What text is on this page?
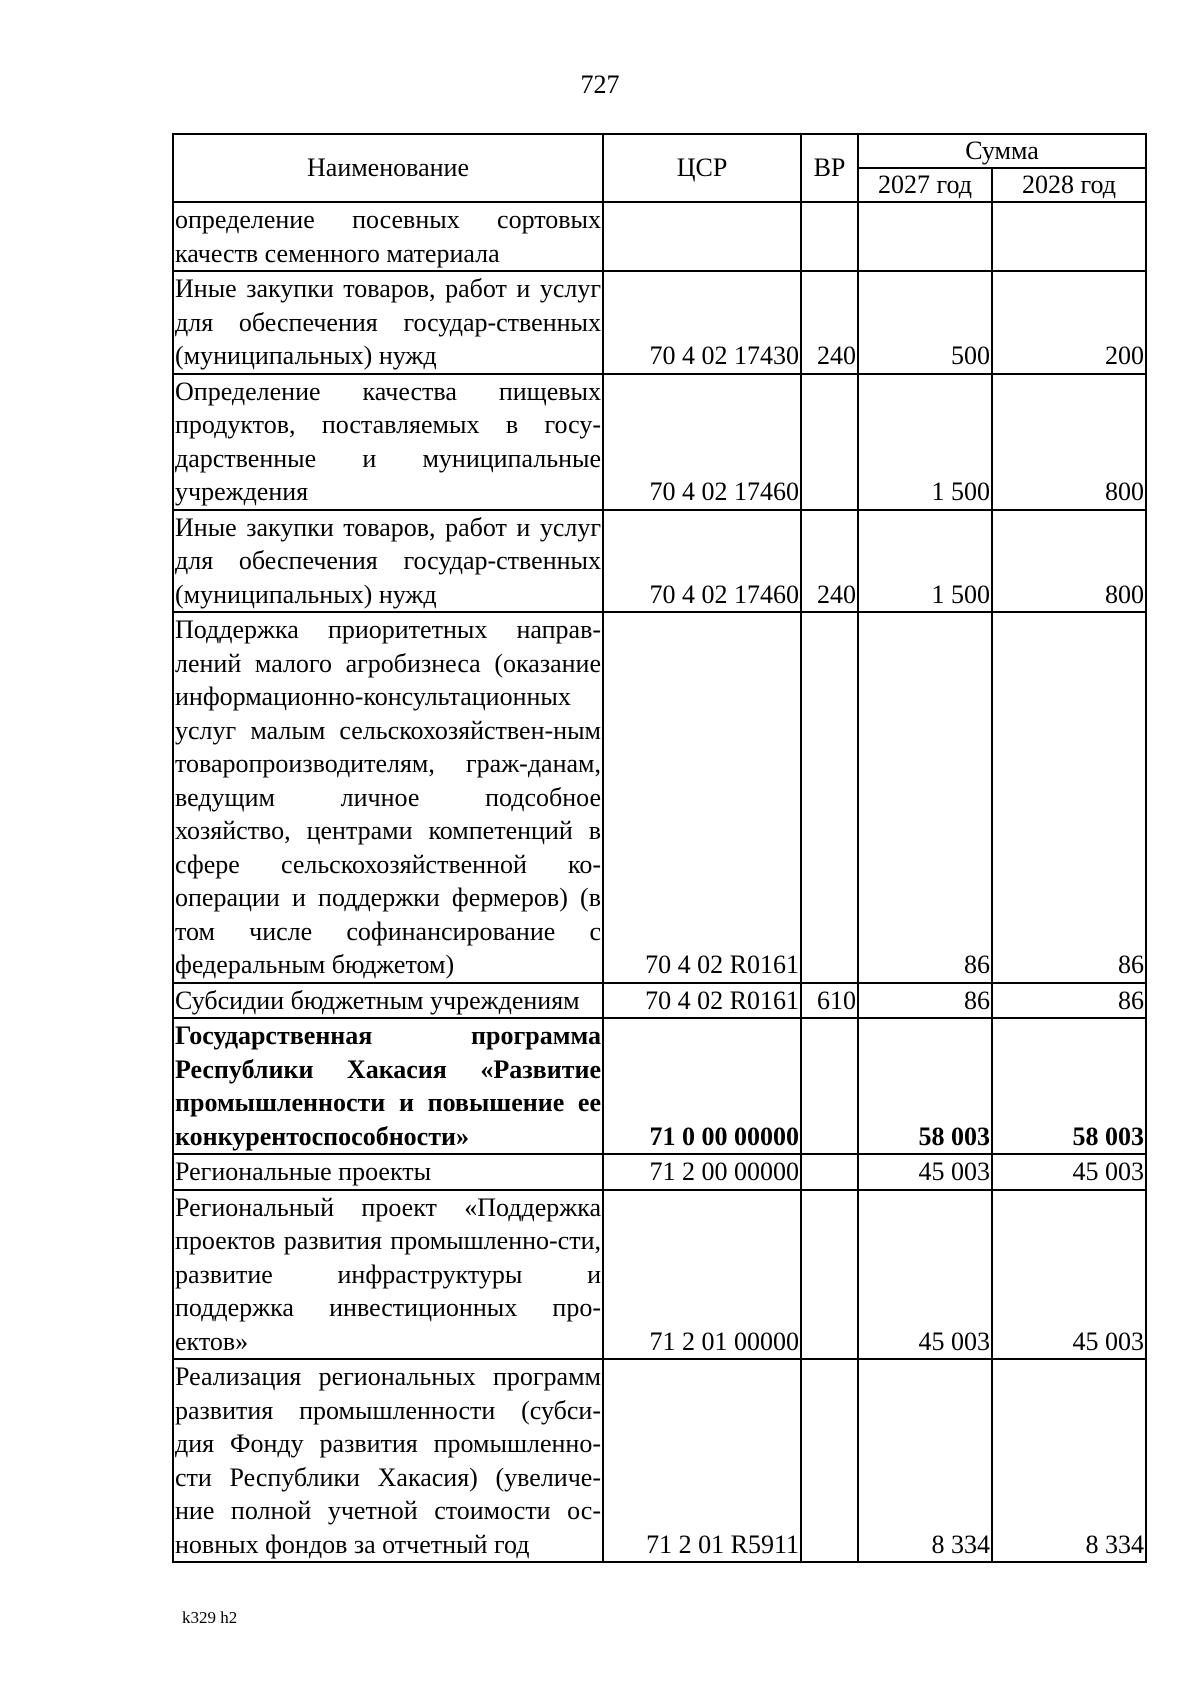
727
Наименование	ЦСР	ВР	Сумма	
			2027 год	2028 год
определение посевных сортовых качеств семенного материала				
Иные закупки товаров, работ и услуг для обеспечения государ-ственных (муниципальных) нужд	70 4 02 17430	240	500	200
Определение качества пищевых продуктов, поставляемых в госу-дарственные и муниципальные учреждения	70 4 02 17460		1 500	800
Иные закупки товаров, работ и услуг для обеспечения государ-ственных (муниципальных) нужд	70 4 02 17460	240	1 500	800
Поддержка приоритетных направ-лений малого агробизнеса (оказание информационно-консультационных услуг малым сельскохозяйствен-ным товаропроизводителям, граж-данам, ведущим личное подсобное хозяйство, центрами компетенций в сфере сельскохозяйственной ко-операции и поддержки фермеров) (в том числе софинансирование с федеральным бюджетом)	70 4 02 R0161		86	86
Субсидии бюджетным учреждениям	70 4 02 R0161	610	86	86
Государственная программа Республики Хакасия «Развитие промышленности и повышение ее конкурентоспособности»	71 0 00 00000		58 003	58 003
Региональные проекты	71 2 00 00000		45 003	45 003
Региональный проект «Поддержка проектов развития промышленно-сти, развитие инфраструктуры и поддержка инвестиционных про-ектов»	71 2 01 00000		45 003	45 003
Реализация региональных программ развития промышленности (субси-дия Фонду развития промышленно-сти Республики Хакасия) (увеличе-ние полной учетной стоимости ос-новных фондов за отчетный год	71 2 01 R5911		8 334	8 334
k329 h2
